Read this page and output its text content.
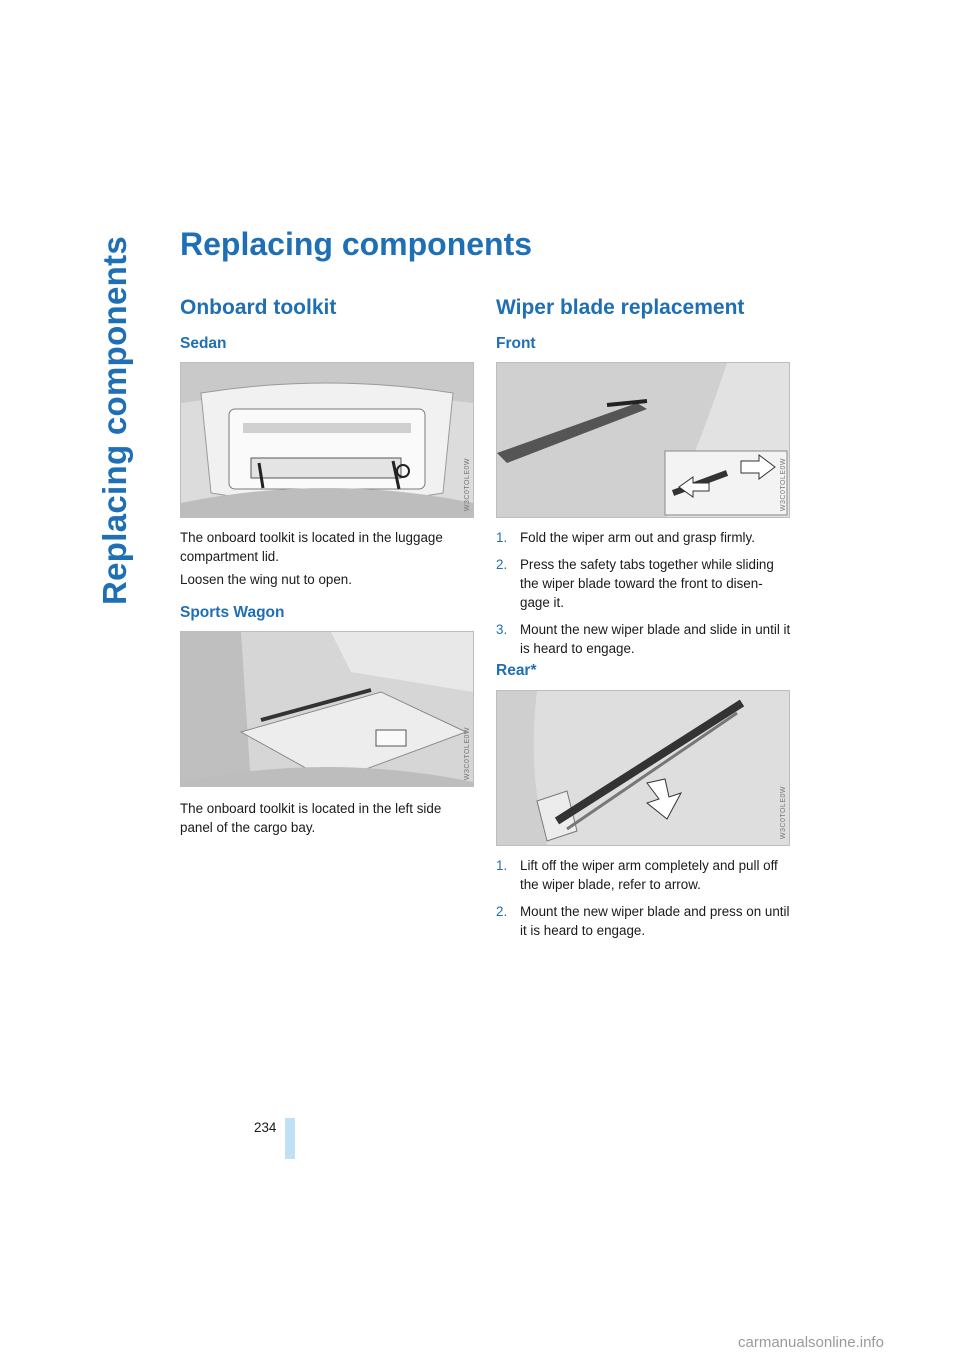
Replacing components Replacing components
Onboard toolkit
Sedan
W3C0TOLE0W

The onboard toolkit is located in the luggage compartment lid.

Loosen the wing nut to open.

Sports Wagon
W3C0TOLE0W

The onboard toolkit is located in the left side panel of the cargo bay.

Wiper blade replacement
Front
W3C0TOLE0W
1. Fold the wiper arm out and grasp firmly.
2. Press the safety tabs together while sliding the wiper blade toward the front to disen-gage it.
3. Mount the new wiper blade and slide in until it is heard to engage.
Rear*
W3C0TOLE0W
1. Lift off the wiper arm completely and pull off the wiper blade, refer to arrow.
2. Mount the new wiper blade and press on until it is heard to engage.
234
carmanualsonline.info
